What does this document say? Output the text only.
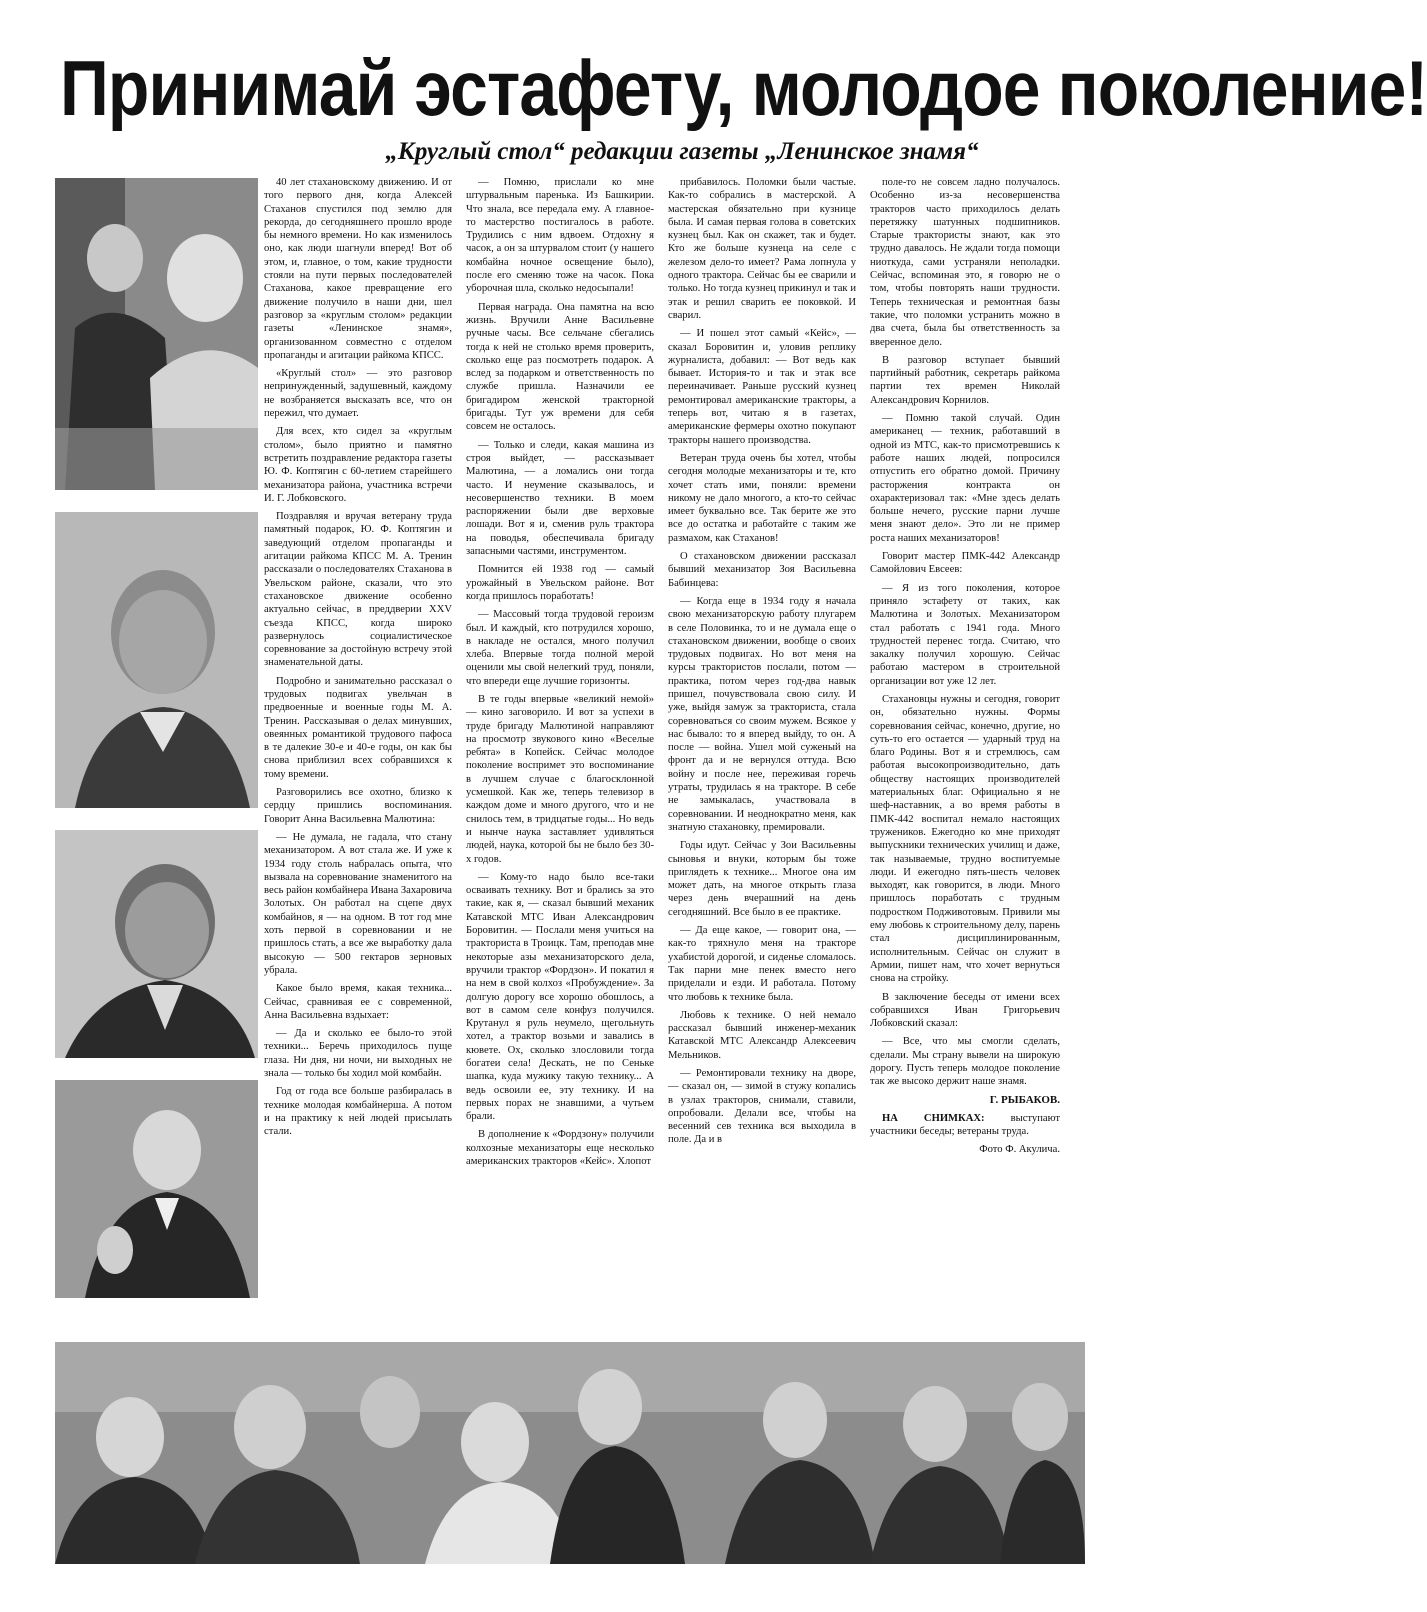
Принимай эстафету, молодое поколение!
„Круглый стол“ редакции газеты „Ленинское знамя“

40 лет стахановскому движению. И от того первого дня, когда Алексей Стаханов спустился под землю для рекорда, до сегодняшнего прошло вроде бы немного времени. Но как изменилось оно, как люди шагнули вперед! Вот об этом, и, главное, о том, какие трудности стояли на пути первых последователей Стаханова, какое превращение его движение получило в наши дни, шел разговор за «круглым столом» редакции газеты «Ленинское знамя», организованном совместно с отделом пропаганды и агитации райкома КПСС.

«Круглый стол» — это разговор непринужденный, задушевный, каждому не возбраняется высказать все, что он пережил, что думает.

Для всех, кто сидел за «круглым столом», было приятно и памятно встретить поздравление редактора газеты Ю. Ф. Коптягин с 60-летием старейшего механизатора района, участника встречи И. Г. Лобковского.

Поздравляя и вручая ветерану труда памятный подарок, Ю. Ф. Коптягин и заведующий отделом пропаганды и агитации райкома КПСС М. А. Тренин рассказали о последователях Стаханова в Увельском районе, сказали, что это стахановское движение особенно актуально сейчас, в преддверии XXV съезда КПСС, когда широко развернулось социалистическое соревнование за достойную встречу этой знаменательной даты.

Подробно и занимательно рассказал о трудовых подвигах увельчан в предвоенные и военные годы М. А. Тренин. Рассказывая о делах минувших, овеянных романтикой трудового пафоса в те далекие 30-е и 40-е годы, он как бы снова приблизил всех собравшихся к тому времени.

Разговорились все охотно, близко к сердцу пришлись воспоминания. Говорит Анна Васильевна Малютина:

— Не думала, не гадала, что стану механизатором. А вот стала же. И уже к 1934 году столь набралась опыта, что вызвала на соревнование знаменитого на весь район комбайнера Ивана Захаровича Золотых. Он работал на сцепе двух комбайнов, я — на одном. В тот год мне хоть первой в соревновании и не пришлось стать, а все же выработку дала высокую — 500 гектаров зерновых убрала.

Какое было время, какая техника... Сейчас, сравнивая ее с современной, Анна Васильевна вздыхает:

— Да и сколько ее было-то этой техники... Беречь приходилось пуще глаза. Ни дня, ни ночи, ни выходных не знала — только бы ходил мой комбайн.

Год от года все больше разбиралась в технике молодая комбайнерша. А потом и на практику к ней людей присылать стали.

— Помню, прислали ко мне штурвальным паренька. Из Башкирии. Что знала, все передала ему. А главное-то мастерство постигалось в работе. Трудились с ним вдвоем. Отдохну я часок, а он за штурвалом стоит (у нашего комбайна ночное освещение было), после его сменяю тоже на часок. Пока уборочная шла, сколько недосыпали!

Первая награда. Она памятна на всю жизнь. Вручили Анне Васильевне ручные часы. Все сельчане сбегались тогда к ней не столько время проверить, сколько еще раз посмотреть подарок. А вслед за подарком и ответственность по службе пришла. Назначили ее бригадиром женской тракторной бригады. Тут уж времени для себя совсем не осталось.

— Только и следи, какая машина из строя выйдет, — рассказывает Малютина, — а ломались они тогда часто. И неумение сказывалось, и несовершенство техники. В моем распоряжении были две верховые лошади. Вот я и, сменив руль трактора на поводья, обеспечивала бригаду запасными частями, инструментом.

Помнится ей 1938 год — самый урожайный в Увельском районе. Вот когда пришлось поработать!

— Массовый тогда трудовой героизм был. И каждый, кто потрудился хорошо, в накладе не остался, много получил хлеба. Впервые тогда полной мерой оценили мы свой нелегкий труд, поняли, что впереди еще лучшие горизонты.

В те годы впервые «великий немой» — кино заговорило. И вот за успехи в труде бригаду Малютиной направляют на просмотр звукового кино «Веселые ребята» в Копейск. Сейчас молодое поколение воспримет это воспоминание в лучшем случае с благосклонной усмешкой. Как же, теперь телевизор в каждом доме и много другого, что и не снилось тем, в тридцатые годы... Но ведь и нынче наука заставляет удивляться людей, наука, которой бы не было без 30-х годов.

— Кому-то надо было все-таки осваивать технику. Вот и брались за это такие, как я, — сказал бывший механик Катавской МТС Иван Александрович Боровитин. — Послали меня учиться на тракториста в Троицк. Там, преподав мне некоторые азы механизаторского дела, вручили трактор «Фордзон». И покатил я на нем в свой колхоз «Пробуждение». За долгую дорогу все хорошо обошлось, а вот в самом селе конфуз получился. Крутанул я руль неумело, щегольнуть хотел, а трактор возьми и завались в кювете. Ох, сколько злословили тогда богатеи села! Дескать, не по Сеньке шапка, куда мужику такую технику... А ведь освоили ее, эту технику. И на первых порах не знавшими, а чутьем брали.

В дополнение к «Фордзону» получили колхозные механизаторы еще несколько американских тракторов «Кейс». Хлопот

прибавилось. Поломки были частые. Как-то собрались в мастерской. А мастерская обязательно при кузнице была. И самая первая голова в советских кузнец был. Как он скажет, так и будет. Кто же больше кузнеца на селе с железом дело-то имеет? Рама лопнула у одного трактора. Сейчас бы ее сварили и только. Но тогда кузнец прикинул и так и этак и решил сварить ее поковкой. И сварил.

— И пошел этот самый «Кейс», — сказал Боровитин и, уловив реплику журналиста, добавил: — Вот ведь как бывает. История-то и так и этак все переиначивает. Раньше русский кузнец ремонтировал американские тракторы, а теперь вот, читаю я в газетах, американские фермеры охотно покупают тракторы нашего производства.

Ветеран труда очень бы хотел, чтобы сегодня молодые механизаторы и те, кто хочет стать ими, поняли: времени никому не дало многого, а кто-то сейчас имеет буквально все. Так берите же это все до остатка и работайте с таким же размахом, как Стаханов!

О стахановском движении рассказал бывший механизатор Зоя Васильевна Бабинцева:

— Когда еще в 1934 году я начала свою механизаторскую работу плугарем в селе Половинка, то и не думала еще о стахановском движении, вообще о своих трудовых подвигах. Но вот меня на курсы трактористов послали, потом — практика, потом через год-два навык пришел, почувствовала свою силу. И уже, выйдя замуж за тракториста, стала соревноваться со своим мужем. Всякое у нас бывало: то я вперед выйду, то он. А после — война. Ушел мой суженый на фронт да и не вернулся оттуда. Всю войну и после нее, переживая горечь утраты, трудилась я на тракторе. В себе не замыкалась, участвовала в соревновании. И неоднократно меня, как знатную стахановку, премировали.

Годы идут. Сейчас у Зои Васильевны сыновья и внуки, которым бы тоже приглядеть к технике... Многое она им может дать, на многое открыть глаза через день вчерашний на день сегодняшний. Все было в ее практике.

— Да еще какое, — говорит она, — как-то тряхнуло меня на тракторе ухабистой дорогой, и сиденье сломалось. Так парни мне пенек вместо него приделали и езди. И работала. Потому что любовь к технике была.

Любовь к технике. О ней немало рассказал бывший инженер-механик Катавской МТС Александр Алексеевич Мельников.

— Ремонтировали технику на дворе, — сказал он, — зимой в стужу копались в узлах тракторов, снимали, ставили, опробовали. Делали все, чтобы на весенний сев техника вся выходила в поле. Да и в

поле-то не совсем ладно получалось. Особенно из-за несовершенства тракторов часто приходилось делать перетяжку шатунных подшипников. Старые трактористы знают, как это трудно давалось. Не ждали тогда помощи ниоткуда, сами устраняли неполадки. Сейчас, вспоминая это, я говорю не о том, чтобы повторять наши трудности. Теперь техническая и ремонтная базы такие, что поломки устранить можно в два счета, была бы ответственность за вверенное дело.

В разговор вступает бывший партийный работник, секретарь райкома партии тех времен Николай Александрович Корнилов.

— Помню такой случай. Один американец — техник, работавший в одной из МТС, как-то присмотревшись к работе наших людей, попросился отпустить его обратно домой. Причину расторжения контракта он охарактеризовал так: «Мне здесь делать больше нечего, русские парни лучше меня знают дело». Это ли не пример роста наших механизаторов!

Говорит мастер ПМК-442 Александр Самойлович Евсеев:

— Я из того поколения, которое приняло эстафету от таких, как Малютина и Золотых. Механизатором стал работать с 1941 года. Много трудностей перенес тогда. Считаю, что закалку получил хорошую. Сейчас работаю мастером в строительной организации вот уже 12 лет.

Стахановцы нужны и сегодня, говорит он, обязательно нужны. Формы соревнования сейчас, конечно, другие, но суть-то его остается — ударный труд на благо Родины. Вот я и стремлюсь, сам работая высокопроизводительно, дать обществу настоящих производителей материальных благ. Официально я не шеф-наставник, а во время работы в ПМК-442 воспитал немало настоящих тружеников. Ежегодно ко мне приходят выпускники технических училищ и даже, так называемые, трудно воспитуемые люди. И ежегодно пять-шесть человек выходят, как говорится, в люди. Много пришлось поработать с трудным подростком Подживотовым. Привили мы ему любовь к строительному делу, парень стал дисциплинированным, исполнительным. Сейчас он служит в Армии, пишет нам, что хочет вернуться снова на стройку.

В заключение беседы от имени всех собравшихся Иван Григорьевич Лобковский сказал:

— Все, что мы смогли сделать, сделали. Мы страну вывели на широкую дорогу. Пусть теперь молодое поколение так же высоко держит наше знамя.

Г. РЫБАКОВ.

НА СНИМКАХ: выступают участники беседы; ветераны труда.

Фото Ф. Акулича.
